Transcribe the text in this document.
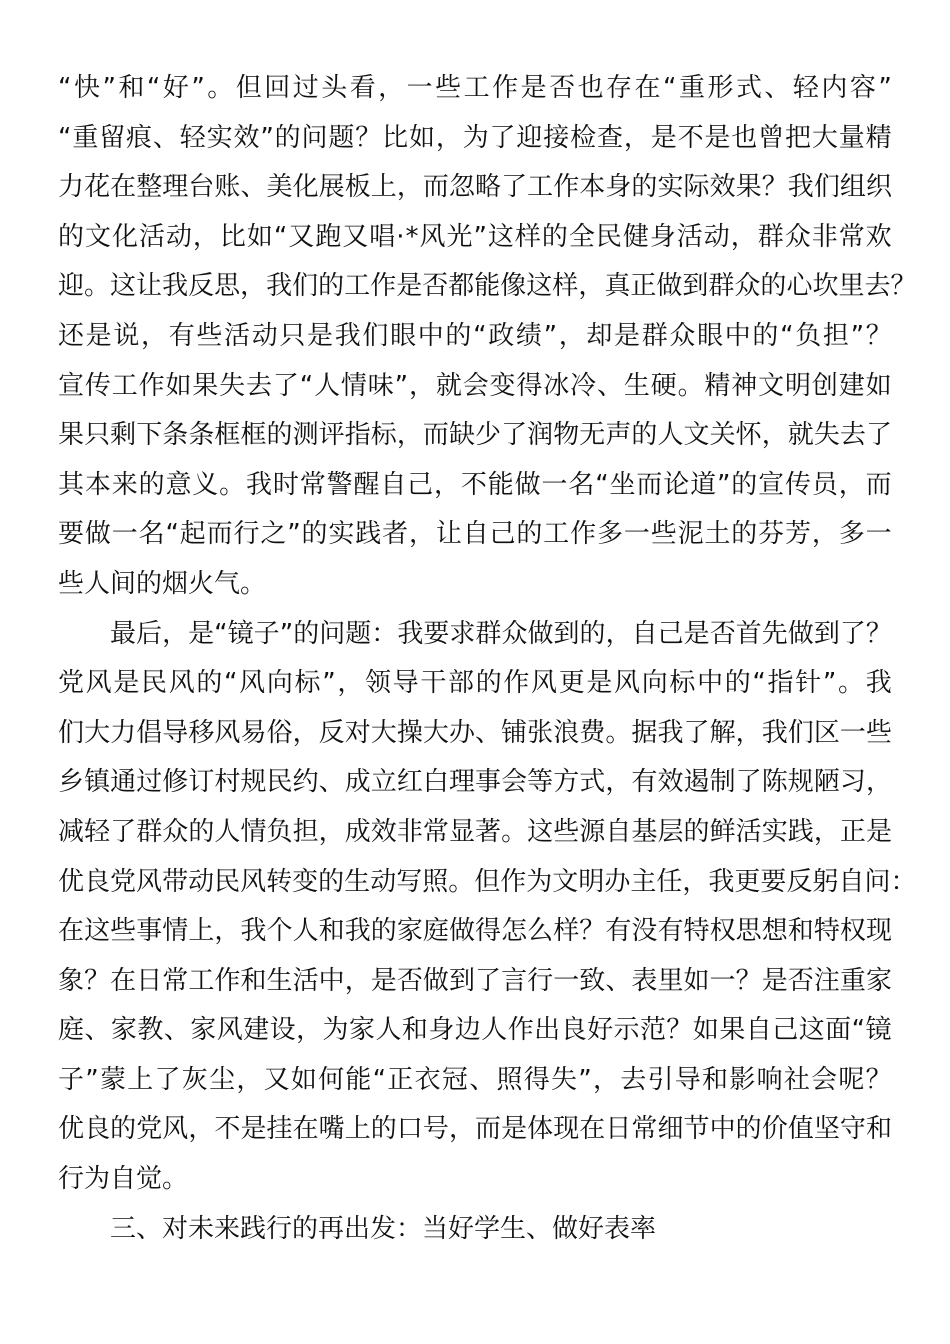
“ 快 ” 和 “ 好 ” 。 但 回 过 头 看 ， 一 些 工 作 是 否 也 存 在 “ 重 形 式 、 轻 内 容 ”
“ 重 留 痕 、 轻 实 效 ” 的 问 题 ？ 比 如 ， 为 了 迎 接 检 查 ， 是 不 是 也 曾 把 大 量 精
力 花 在 整 理 台 账 、 美 化 展 板 上 ， 而 忽 略 了 工 作 本 身 的 实 际 效 果 ？ 我 们 组 织
的 文 化 活 动 ， 比 如 “ 又 跑 又 唱 · * 风 光 ” 这 样 的 全 民 健 身 活 动 ， 群 众 非 常 欢
迎 。 这 让 我 反 思 ， 我 们 的 工 作 是 否 都 能 像 这 样 ， 真 正 做 到 群 众 的 心 坎 里 去 ？
还 是 说 ， 有 些 活 动 只 是 我 们 眼 中 的 “ 政 绩 ” ， 却 是 群 众 眼 中 的 “ 负 担 ” ？
宣 传 工 作 如 果 失 去 了 “ 人 情 味 ” ， 就 会 变 得 冰 冷 、 生 硬 。 精 神 文 明 创 建 如
果 只 剩 下 条 条 框 框 的 测 评 指 标 ， 而 缺 少 了 润 物 无 声 的 人 文 关 怀 ， 就 失 去 了
其 本 来 的 意 义 。 我 时 常 警 醒 自 己 ， 不 能 做 一 名 “ 坐 而 论 道 ” 的 宣 传 员 ， 而
要 做 一 名 “ 起 而 行 之 ” 的 实 践 者 ， 让 自 己 的 工 作 多 一 些 泥 土 的 芬 芳 ， 多 一
些人间的烟火气。
最 后 ， 是 “ 镜 子 ” 的 问 题 ： 我 要 求 群 众 做 到 的 ， 自 己 是 否 首 先 做 到 了 ？
党 风 是 民 风 的 “ 风 向 标 ” ， 领 导 干 部 的 作 风 更 是 风 向 标 中 的 “ 指 针 ” 。 我
们 大 力 倡 导 移 风 易 俗 ， 反 对 大 操 大 办 、 铺 张 浪 费 。 据 我 了 解 ， 我 们 区 一 些
乡 镇 通 过 修 订 村 规 民 约 、 成 立 红 白 理 事 会 等 方 式 ， 有 效 遏 制 了 陈 规 陋 习 ，
减 轻 了 群 众 的 人 情 负 担 ， 成 效 非 常 显 著 。 这 些 源 自 基 层 的 鲜 活 实 践 ， 正 是
优 良 党 风 带 动 民 风 转 变 的 生 动 写 照 。 但 作 为 文 明 办 主 任 ， 我 更 要 反 躬 自 问 ：
在 这 些 事 情 上 ， 我 个 人 和 我 的 家 庭 做 得 怎 么 样 ？ 有 没 有 特 权 思 想 和 特 权 现
象 ？ 在 日 常 工 作 和 生 活 中 ， 是 否 做 到 了 言 行 一 致 、 表 里 如 一 ？ 是 否 注 重 家
庭 、 家 教 、 家 风 建 设 ， 为 家 人 和 身 边 人 作 出 良 好 示 范 ？ 如 果 自 己 这 面 “ 镜
子 ” 蒙 上 了 灰 尘 ， 又 如 何 能 “ 正 衣 冠 、 照 得 失 ” ， 去 引 导 和 影 响 社 会 呢 ？
优 良 的 党 风 ， 不 是 挂 在 嘴 上 的 口 号 ， 而 是 体 现 在 日 常 细 节 中 的 价 值 坚 守 和
行为自觉。
三、对未来践行的再出发：当好学生、做好表率
